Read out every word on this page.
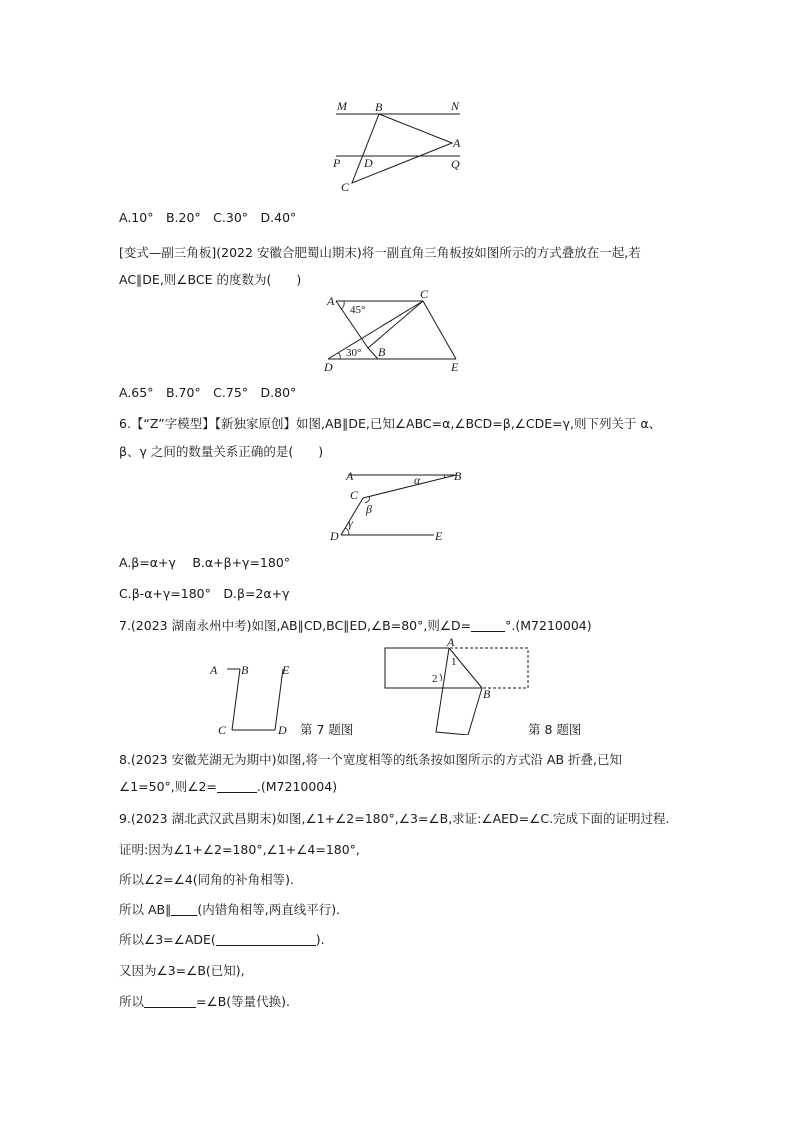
M B	N
A
P D	Q
C
A.10°　B.20°　C.30°　D.40°
[变式—副三角板](2022 安徽合肥蜀山期末)将一副直角三角板按如图所示的方式叠放在一起,若
AC∥DE,则∠BCE 的度数为(　　)
A	C
45°
30°
D
B
E
A.65°　B.70°　C.75°　D.80°
6.【“Z”字模型】【新独家原创】如图,AB∥DE,已知∠ABC=α,∠BCD=β,∠CDE=γ,则下列关于 α、
β、γ 之间的数量关系正确的是(　　)
A	B
α
C
β
γ
D	E
A.β=α+γ　 B.α+β+γ=180°
C.β-α+γ=180°　D.β=2α+γ
7.(2023 湖南永州中考)如图,AB∥CD,BC∥ED,∠B=80°,则∠D=	°.(M7210004)
A B	E
C	D 第 7 题图
A
1
2
B
第 8 题图
8.(2023 安徽芜湖无为期中)如图,将一个宽度相等的纸条按如图所示的方式沿 AB 折叠,已知
∠1=50°,则∠2=	.(M7210004)
9.(2023 湖北武汉武昌期末)如图,∠1+∠2=180°,∠3=∠B,求证:∠AED=∠C.完成下面的证明过程.
证明:因为∠1+∠2=180°,∠1+∠4=180°,
所以∠2=∠4(同角的补角相等).
所以 AB∥ (内错角相等,两直线平行).
所以∠3=∠ADE(	).
又因为∠3=∠B(已知),
所以	=∠B(等量代换).
